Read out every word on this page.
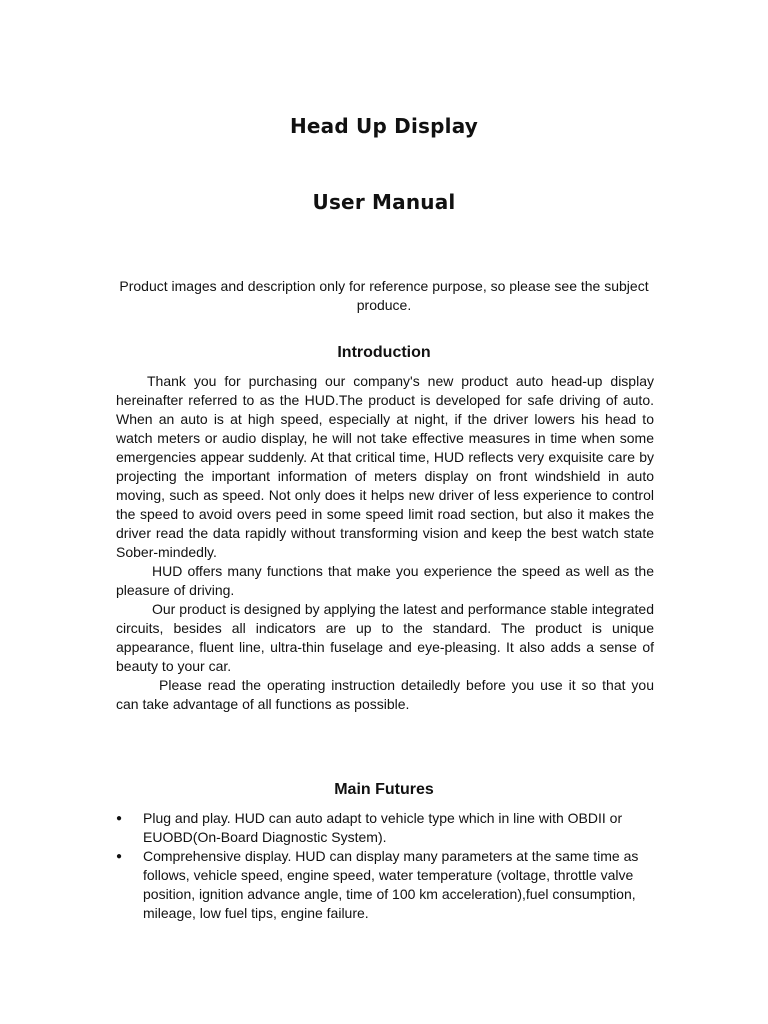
Head Up Display
User Manual
Product images and description only for reference purpose, so please see the subject produce.
Introduction

Thank you for purchasing our company's new product auto head-up display hereinafter referred to as the HUD.The product is developed for safe driving of auto. When an auto is at high speed, especially at night, if the driver lowers his head to watch meters or audio display, he will not take effective measures in time when some emergencies appear suddenly. At that critical time, HUD reflects very exquisite care by projecting the important information of meters display on front windshield in auto moving, such as speed. Not only does it helps new driver of less experience to control the speed to avoid overs peed in some speed limit road section, but also it makes the driver read the data rapidly without transforming vision and keep the best watch state Sober-mindedly.

HUD offers many functions that make you experience the speed as well as the pleasure of driving.

Our product is designed by applying the latest and performance stable integrated circuits, besides all indicators are up to the standard. The product is unique appearance, fluent line, ultra-thin fuselage and eye-pleasing. It also adds a sense of beauty to your car.

Please read the operating instruction detailedly before you use it so that you can take advantage of all functions as possible.

Main Futures
●	Plug and play. HUD can auto adapt to vehicle type which in line with OBDII or EUOBD(On-Board Diagnostic System).
●	Comprehensive display. HUD can display many parameters at the same time as follows, vehicle speed, engine speed, water temperature (voltage, throttle valve position, ignition advance angle, time of 100 km acceleration),fuel consumption, mileage, low fuel tips, engine failure.
